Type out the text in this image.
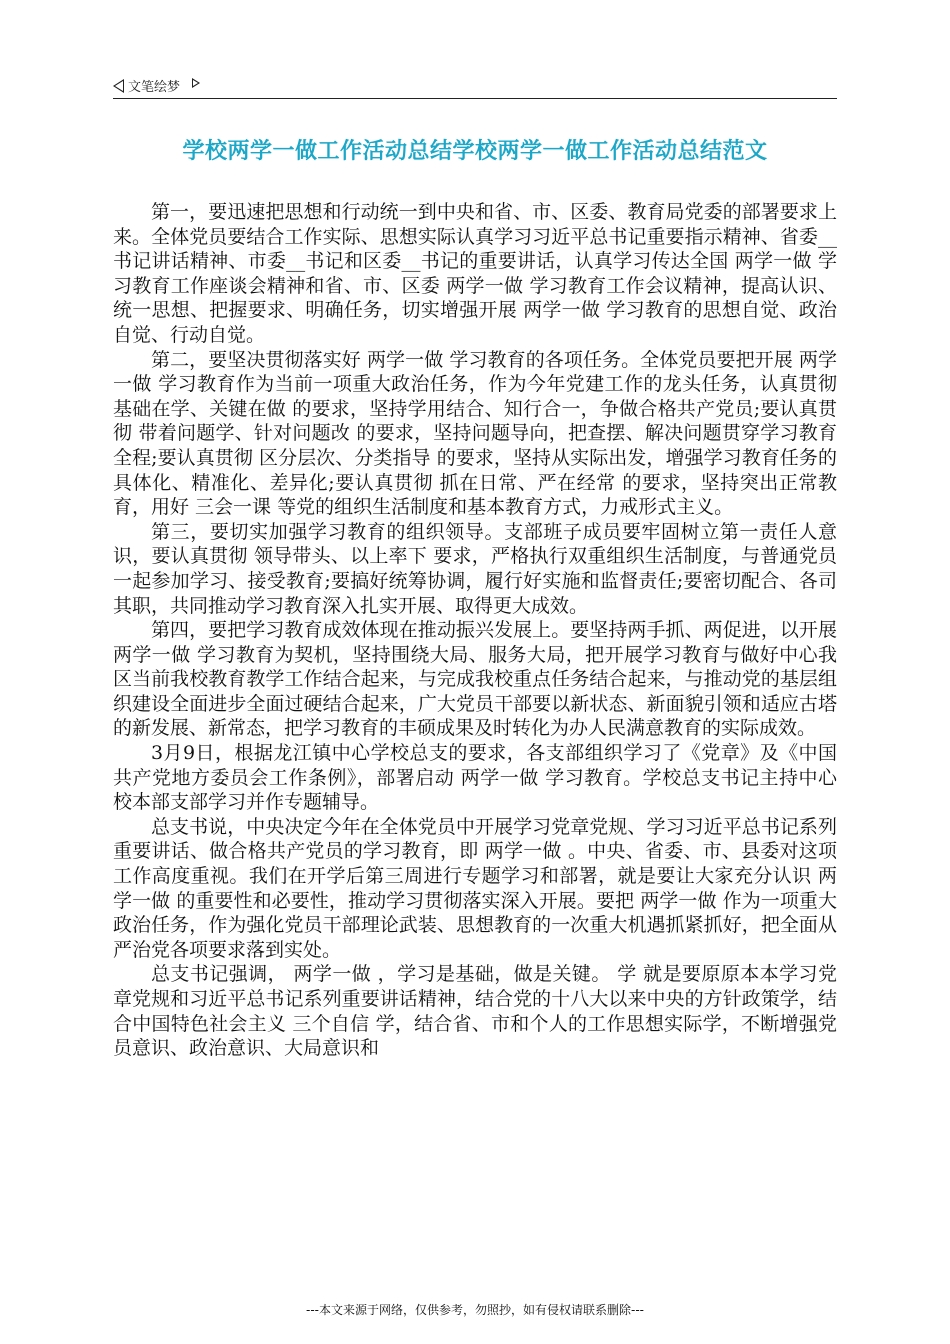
文笔绘梦
学校两学一做工作活动总结学校两学一做工作活动总结范文

第一，要迅速把思想和行动统一到中央和省、市、区委、教育局党委的部署要求上来。全体党员要结合工作实际、思想实际认真学习习近平总书记重要指示精神、省委__书记讲话精神、市委__书记和区委__书记的重要讲话，认真学习传达全国 两学一做 学习教育工作座谈会精神和省、市、区委 两学一做 学习教育工作会议精神，提高认识、统一思想、把握要求、明确任务，切实增强开展 两学一做 学习教育的思想自觉、政治自觉、行动自觉。

第二，要坚决贯彻落实好 两学一做 学习教育的各项任务。全体党员要把开展 两学一做 学习教育作为当前一项重大政治任务，作为今年党建工作的龙头任务，认真贯彻 基础在学、关键在做 的要求，坚持学用结合、知行合一，争做合格共产党员;要认真贯彻 带着问题学、针对问题改 的要求，坚持问题导向，把查摆、解决问题贯穿学习教育全程;要认真贯彻 区分层次、分类指导 的要求，坚持从实际出发，增强学习教育任务的具体化、精准化、差异化;要认真贯彻 抓在日常、严在经常 的要求，坚持突出正常教育，用好 三会一课 等党的组织生活制度和基本教育方式，力戒形式主义。

第三，要切实加强学习教育的组织领导。支部班子成员要牢固树立第一责任人意识，要认真贯彻 领导带头、以上率下 要求，严格执行双重组织生活制度，与普通党员一起参加学习、接受教育;要搞好统筹协调，履行好实施和监督责任;要密切配合、各司其职，共同推动学习教育深入扎实开展、取得更大成效。

第四，要把学习教育成效体现在推动振兴发展上。要坚持两手抓、两促进，以开展 两学一做 学习教育为契机，坚持围绕大局、服务大局，把开展学习教育与做好中心我区当前我校教育教学工作结合起来，与完成我校重点任务结合起来，与推动党的基层组织建设全面进步全面过硬结合起来，广大党员干部要以新状态、新面貌引领和适应古塔的新发展、新常态，把学习教育的丰硕成果及时转化为办人民满意教育的实际成效。

3月9日，根据龙江镇中心学校总支的要求，各支部组织学习了《党章》及《中国共产党地方委员会工作条例》，部署启动 两学一做 学习教育。学校总支书记主持中心校本部支部学习并作专题辅导。

总支书说，中央决定今年在全体党员中开展学习党章党规、学习习近平总书记系列重要讲话、做合格共产党员的学习教育，即 两学一做 。中央、省委、市、县委对这项工作高度重视。我们在开学后第三周进行专题学习和部署，就是要让大家充分认识 两学一做 的重要性和必要性，推动学习贯彻落实深入开展。要把 两学一做 作为一项重大政治任务，作为强化党员干部理论武装、思想教育的一次重大机遇抓紧抓好，把全面从严治党各项要求落到实处。

总支书记强调， 两学一做 ，学习是基础，做是关键。 学 就是要原原本本学习党章党规和习近平总书记系列重要讲话精神，结合党的十八大以来中央的方针政策学，结合中国特色社会主义 三个自信 学，结合省、市和个人的工作思想实际学，不断增强党员意识、政治意识、大局意识和

---本文来源于网络，仅供参考，勿照抄，如有侵权请联系删除---
